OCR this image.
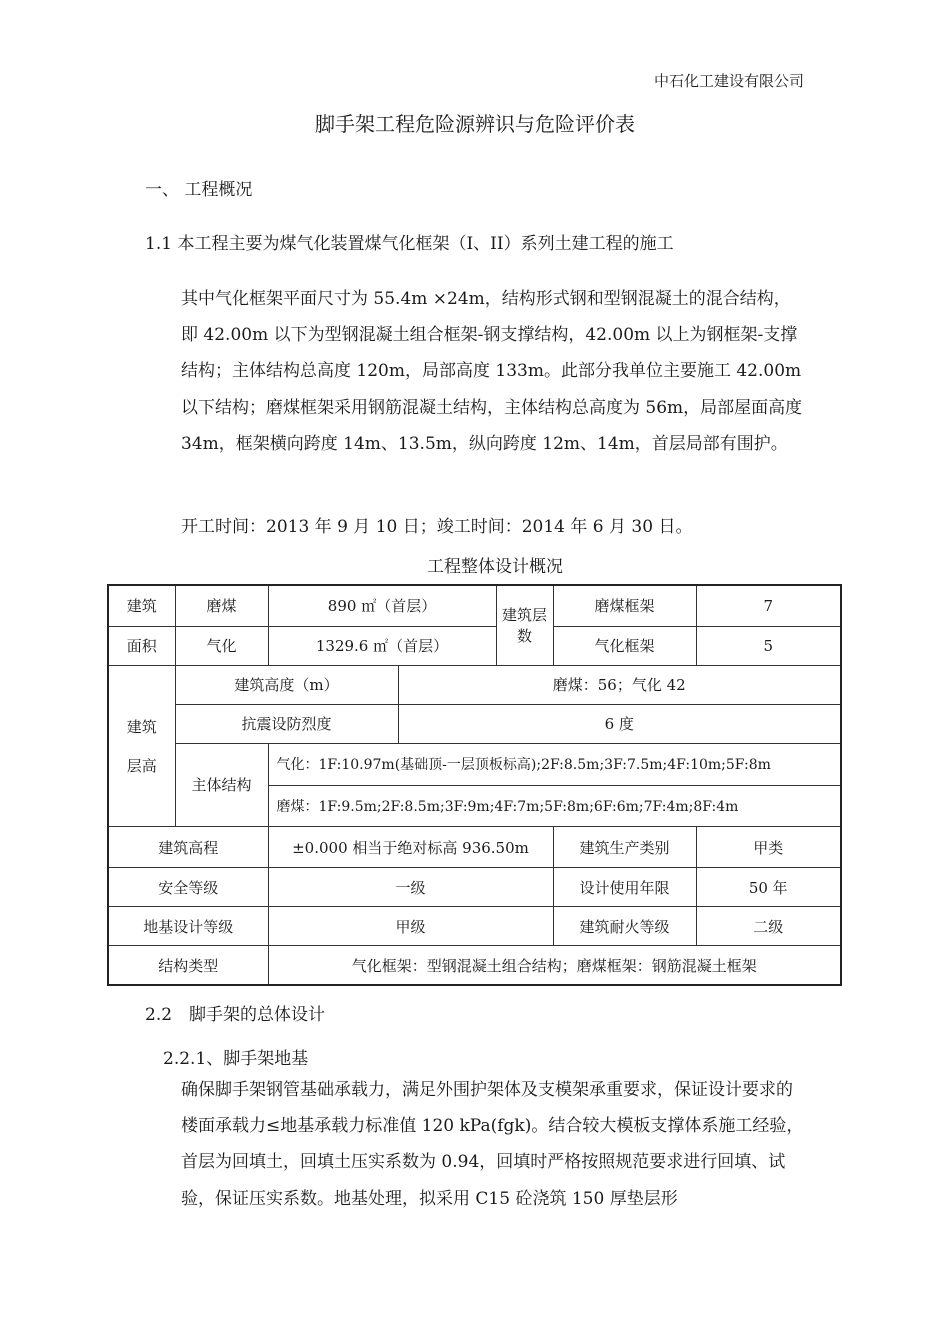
中石化工建设有限公司
脚手架工程危险源辨识与危险评价表
一、 工程概况
1.1 本工程主要为煤气化装置煤气化框架（I、II）系列土建工程的施工
其中气化框架平面尺寸为 55.4m ×24m，结构形式钢和型钢混凝土的混合结构，即 42.00m 以下为型钢混凝土组合框架-钢支撑结构，42.00m 以上为钢框架-支撑结构；主体结构总高度 120m，局部高度 133m。此部分我单位主要施工 42.00m 以下结构；磨煤框架采用钢筋混凝土结构，主体结构总高度为 56m，局部屋面高度 34m，框架横向跨度 14m、13.5m，纵向跨度 12m、14m，首层局部有围护。
开工时间：2013 年 9 月 10 日；竣工时间：2014 年 6 月 30 日。
工程整体设计概况
建筑	磨煤	890 ㎡（首层）		建筑层数	磨煤框架	7
面积	气化	1329.6 ㎡（首层）			气化框架	5
建筑

层高	建筑高度（m）		磨煤：56；气化 42			
	抗震设防烈度		6 度			
	主体结构	气化：1F:10.97m(基础顶-一层顶板标高);2F:8.5m;3F:7.5m;4F:10m;5F:8m				
		磨煤：1F:9.5m;2F:8.5m;3F:9m;4F:7m;5F:8m;6F:6m;7F:4m;8F:4m				
建筑高程		±0.000 相当于绝对标高 936.50m			建筑生产类别	甲类
安全等级		一级			设计使用年限	50 年
地基设计等级		甲级			建筑耐火等级	二级
结构类型		气化框架：型钢混凝土组合结构；磨煤框架：钢筋混凝土框架				
2.2　脚手架的总体设计
2.2.1、脚手架地基
确保脚手架钢管基础承载力，满足外围护架体及支模架承重要求，保证设计要求的楼面承载力≤地基承载力标准值 120 kPa(fgk)。结合较大模板支撑体系施工经验，首层为回填土，回填土压实系数为 0.94，回填时严格按照规范要求进行回填、试验，保证压实系数。地基处理，拟采用 C15 砼浇筑 150 厚垫层形
